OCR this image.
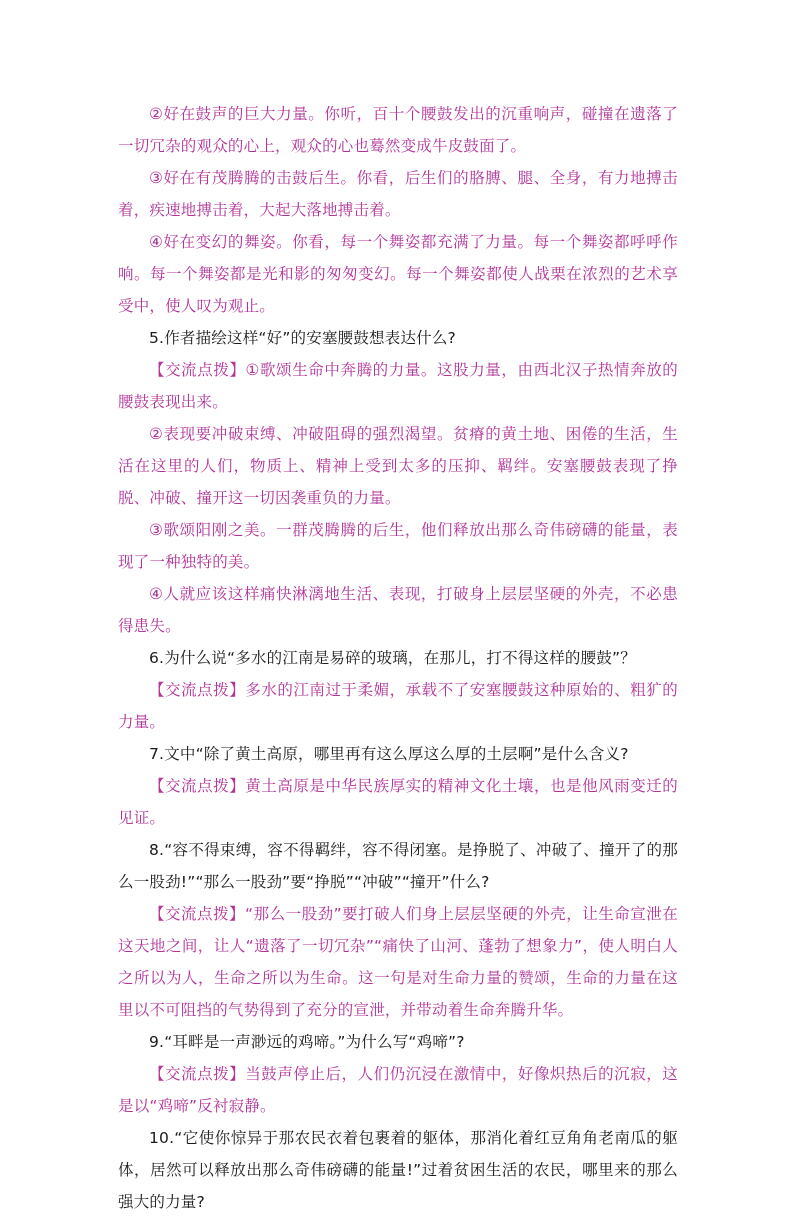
②好在鼓声的巨大力量。你听，百十个腰鼓发出的沉重响声，碰撞在遗落了一切冗杂的观众的心上，观众的心也蓦然变成牛皮鼓面了。

③好在有茂腾腾的击鼓后生。你看，后生们的胳膊、腿、全身，有力地搏击着，疾速地搏击着，大起大落地搏击着。

④好在变幻的舞姿。你看，每一个舞姿都充满了力量。每一个舞姿都呼呼作响。每一个舞姿都是光和影的匆匆变幻。每一个舞姿都使人战栗在浓烈的艺术享受中，使人叹为观止。

5.作者描绘这样“好”的安塞腰鼓想表达什么?

【交流点拨】①歌颂生命中奔腾的力量。这股力量，由西北汉子热情奔放的腰鼓表现出来。

②表现要冲破束缚、冲破阻碍的强烈渴望。贫瘠的黄土地、困倦的生活，生活在这里的人们，物质上、精神上受到太多的压抑、羁绊。安塞腰鼓表现了挣脱、冲破、撞开这一切因袭重负的力量。

③歌颂阳刚之美。一群茂腾腾的后生，他们释放出那么奇伟磅礴的能量，表现了一种独特的美。

④人就应该这样痛快淋漓地生活、表现，打破身上层层坚硬的外壳，不必患得患失。

6.为什么说“多水的江南是易碎的玻璃，在那儿，打不得这样的腰鼓”？

【交流点拨】多水的江南过于柔媚，承载不了安塞腰鼓这种原始的、粗犷的力量。

7.文中“除了黄土高原，哪里再有这么厚这么厚的土层啊”是什么含义?

【交流点拨】黄土高原是中华民族厚实的精神文化土壤，也是他风雨变迁的见证。

8.“容不得束缚，容不得羁绊，容不得闭塞。是挣脱了、冲破了、撞开了的那么一股劲!”“那么一股劲”要“挣脱”“冲破”“撞开”什么?

【交流点拨】“那么一股劲”要打破人们身上层层坚硬的外壳，让生命宣泄在这天地之间，让人“遗落了一切冗杂”“痛快了山河、蓬勃了想象力”，使人明白人之所以为人，生命之所以为生命。这一句是对生命力量的赞颂，生命的力量在这里以不可阻挡的气势得到了充分的宣泄，并带动着生命奔腾升华。

9.“耳畔是一声渺远的鸡啼。”为什么写“鸡啼”?

【交流点拨】当鼓声停止后，人们仍沉浸在激情中，好像炽热后的沉寂，这是以“鸡啼”反衬寂静。

10.“它使你惊异于那农民衣着包裹着的躯体，那消化着红豆角角老南瓜的躯体，居然可以释放出那么奇伟磅礴的能量!”过着贫困生活的农民，哪里来的那么强大的力量?
